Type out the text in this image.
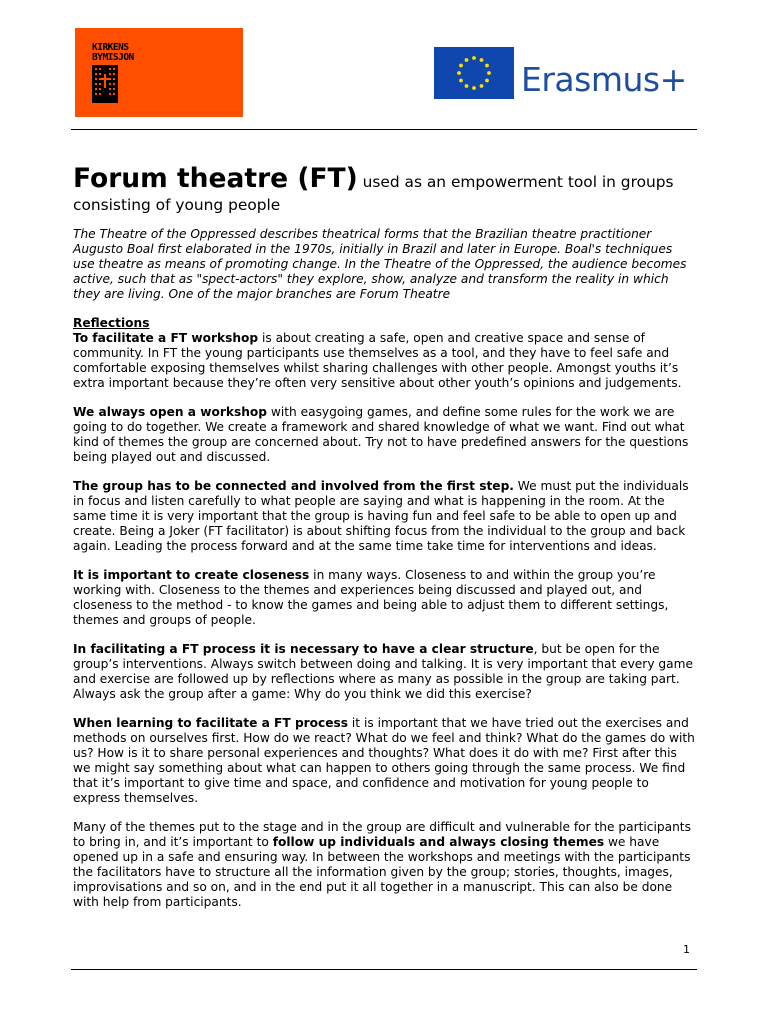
KIRKENS
BYMISJON
Erasmus+
Forum theatre (FT) used as an empowerment tool in groups consisting of young people

The Theatre of the Oppressed describes theatrical forms that the Brazilian theatre practitioner Augusto Boal first elaborated in the 1970s, initially in Brazil and later in Europe. Boal's techniques use theatre as means of promoting change. In the Theatre of the Oppressed, the audience becomes active, such that as "spect-actors" they explore, show, analyze and transform the reality in which they are living. One of the major branches are Forum Theatre

Reflections

To facilitate a FT workshop is about creating a safe, open and creative space and sense of community. In FT the young participants use themselves as a tool, and they have to feel safe and comfortable exposing themselves whilst sharing challenges with other people. Amongst youths it’s extra important because they’re often very sensitive about other youth’s opinions and judgements.

We always open a workshop with easygoing games, and define some rules for the work we are going to do together. We create a framework and shared knowledge of what we want. Find out what kind of themes the group are concerned about. Try not to have predefined answers for the questions being played out and discussed.

The group has to be connected and involved from the first step. We must put the individuals in focus and listen carefully to what people are saying and what is happening in the room. At the same time it is very important that the group is having fun and feel safe to be able to open up and create. Being a Joker (FT facilitator) is about shifting focus from the individual to the group and back again. Leading the process forward and at the same time take time for interventions and ideas.

It is important to create closeness in many ways. Closeness to and within the group you’re working with. Closeness to the themes and experiences being discussed and played out, and closeness to the method - to know the games and being able to adjust them to different settings, themes and groups of people.

In facilitating a FT process it is necessary to have a clear structure, but be open for the group’s interventions. Always switch between doing and talking. It is very important that every game and exercise are followed up by reflections where as many as possible in the group are taking part. Always ask the group after a game: Why do you think we did this exercise?

When learning to facilitate a FT process it is important that we have tried out the exercises and methods on ourselves first. How do we react? What do we feel and think? What do the games do with us? How is it to share personal experiences and thoughts? What does it do with me? First after this we might say something about what can happen to others going through the same process. We find that it’s important to give time and space, and confidence and motivation for young people to express themselves.

Many of the themes put to the stage and in the group are difficult and vulnerable for the participants to bring in, and it’s important to follow up individuals and always closing themes we have opened up in a safe and ensuring way. In between the workshops and meetings with the participants the facilitators have to structure all the information given by the group; stories, thoughts, images, improvisations and so on, and in the end put it all together in a manuscript. This can also be done with help from participants.

1
